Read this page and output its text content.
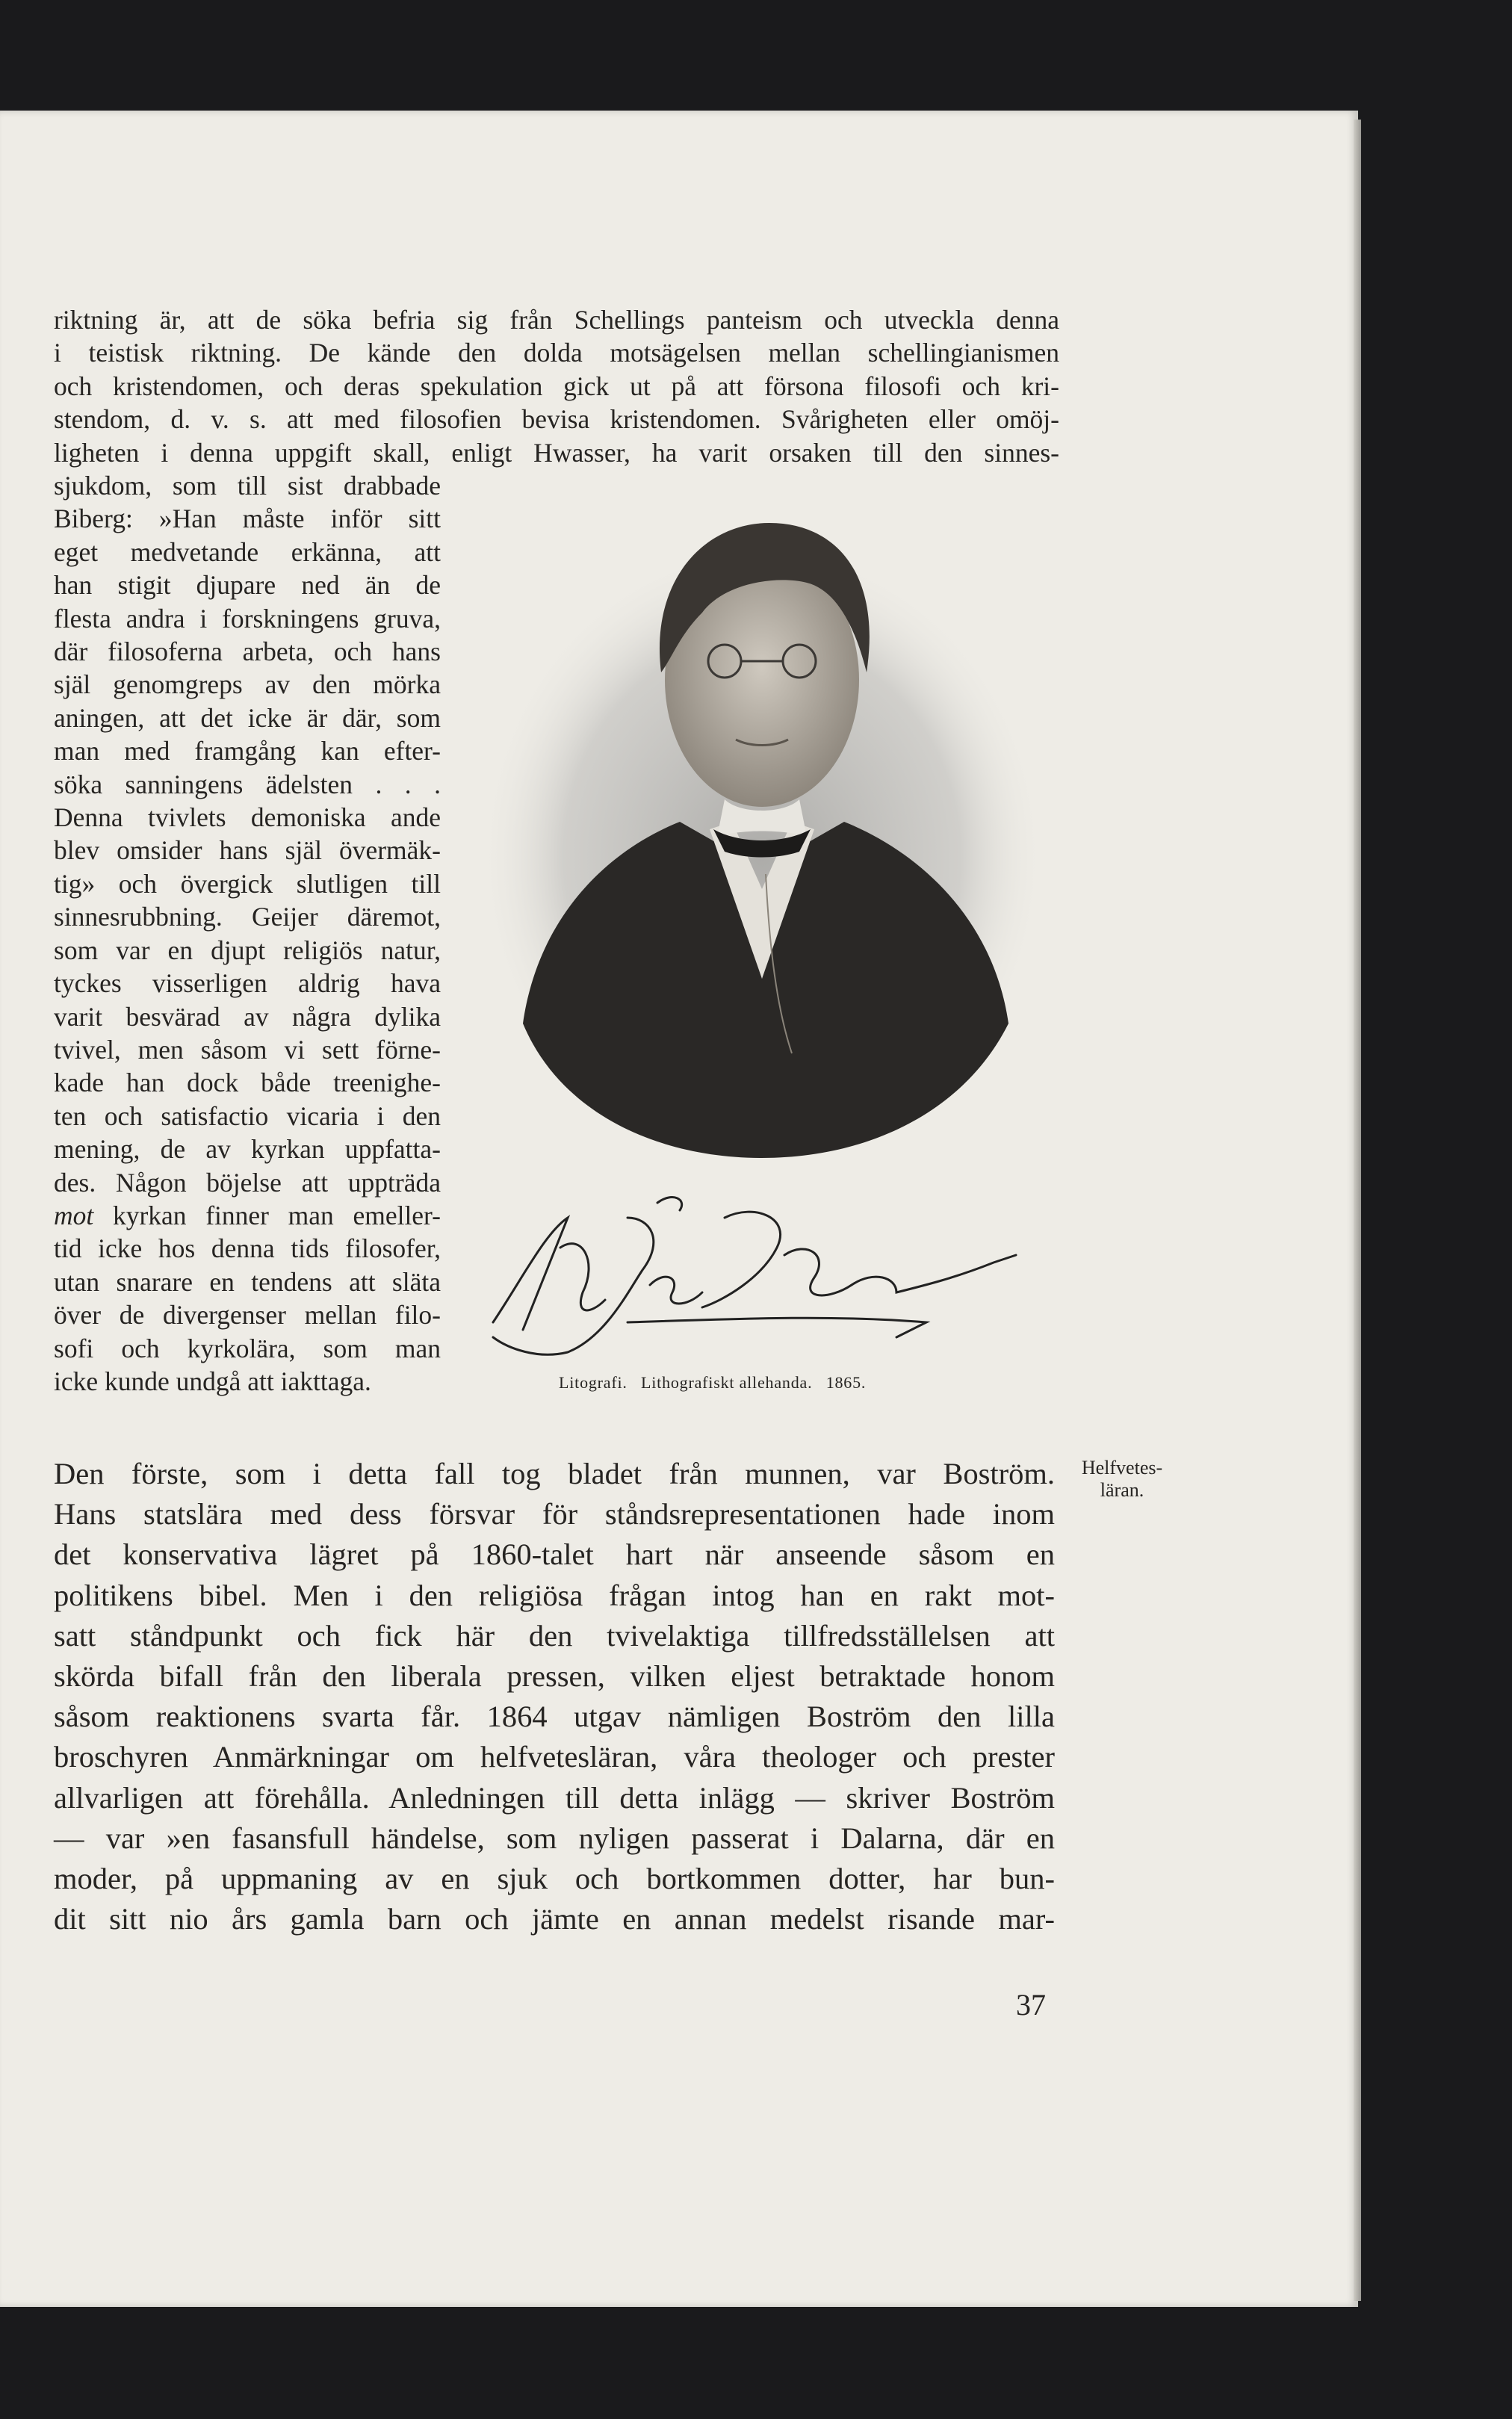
riktning är, att de söka befria sig från Schellings panteism och utveckla denna

i teistisk riktning. De kände den dolda motsägelsen mellan schellingianismen

och kristendomen, och deras spekulation gick ut på att försona filosofi och kri-

stendom, d. v. s. att med filosofien bevisa kristendomen. Svårigheten eller omöj-

ligheten i denna uppgift skall, enligt Hwasser, ha varit orsaken till den sinnes-

sjukdom, som till sist drabbade

Biberg: »Han måste inför sitt

eget medvetande erkänna, att

han stigit djupare ned än de

flesta andra i forskningens gruva,

där filosoferna arbeta, och hans

själ genomgreps av den mörka

aningen, att det icke är där, som

man med framgång kan efter-

söka sanningens ädelsten . . .

Denna tvivlets demoniska ande

blev omsider hans själ övermäk-

tig» och övergick slutligen till

sinnesrubbning. Geijer däremot,

som var en djupt religiös natur,

tyckes visserligen aldrig hava

varit besvärad av några dylika

tvivel, men såsom vi sett förne-

kade han dock både treenighe-

ten och satisfactio vicaria i den

mening, de av kyrkan uppfatta-

des. Någon böjelse att uppträda

mot kyrkan finner man emeller-

tid icke hos denna tids filosofer,

utan snarare en tendens att släta

över de divergenser mellan filo-

sofi och kyrkolära, som man

icke kunde undgå att iakttaga.	Litografi. Lithografiskt allehanda. 1865.

Den förste, som i detta fall tog bladet från munnen, var Boström.

Hans statslära med dess försvar för ståndsrepresentationen hade inom

det konservativa lägret på 1860-talet hart när anseende såsom en

politikens bibel. Men i den religiösa frågan intog han en rakt mot-

satt ståndpunkt och fick här den tvivelaktiga tillfredsställelsen att

skörda bifall från den liberala pressen, vilken eljest betraktade honom

såsom reaktionens svarta får. 1864 utgav nämligen Boström den lilla

broschyren Anmärkningar om helfvetesläran, våra theologer och prester

allvarligen att förehålla. Anledningen till detta inlägg — skriver Boström

— var »en fasansfull händelse, som nyligen passerat i Dalarna, där en

moder, på uppmaning av en sjuk och bortkommen dotter, har bun-

dit sitt nio års gamla barn och jämte en annan medelst risande mar-

Helfvetes-
läran.
37
